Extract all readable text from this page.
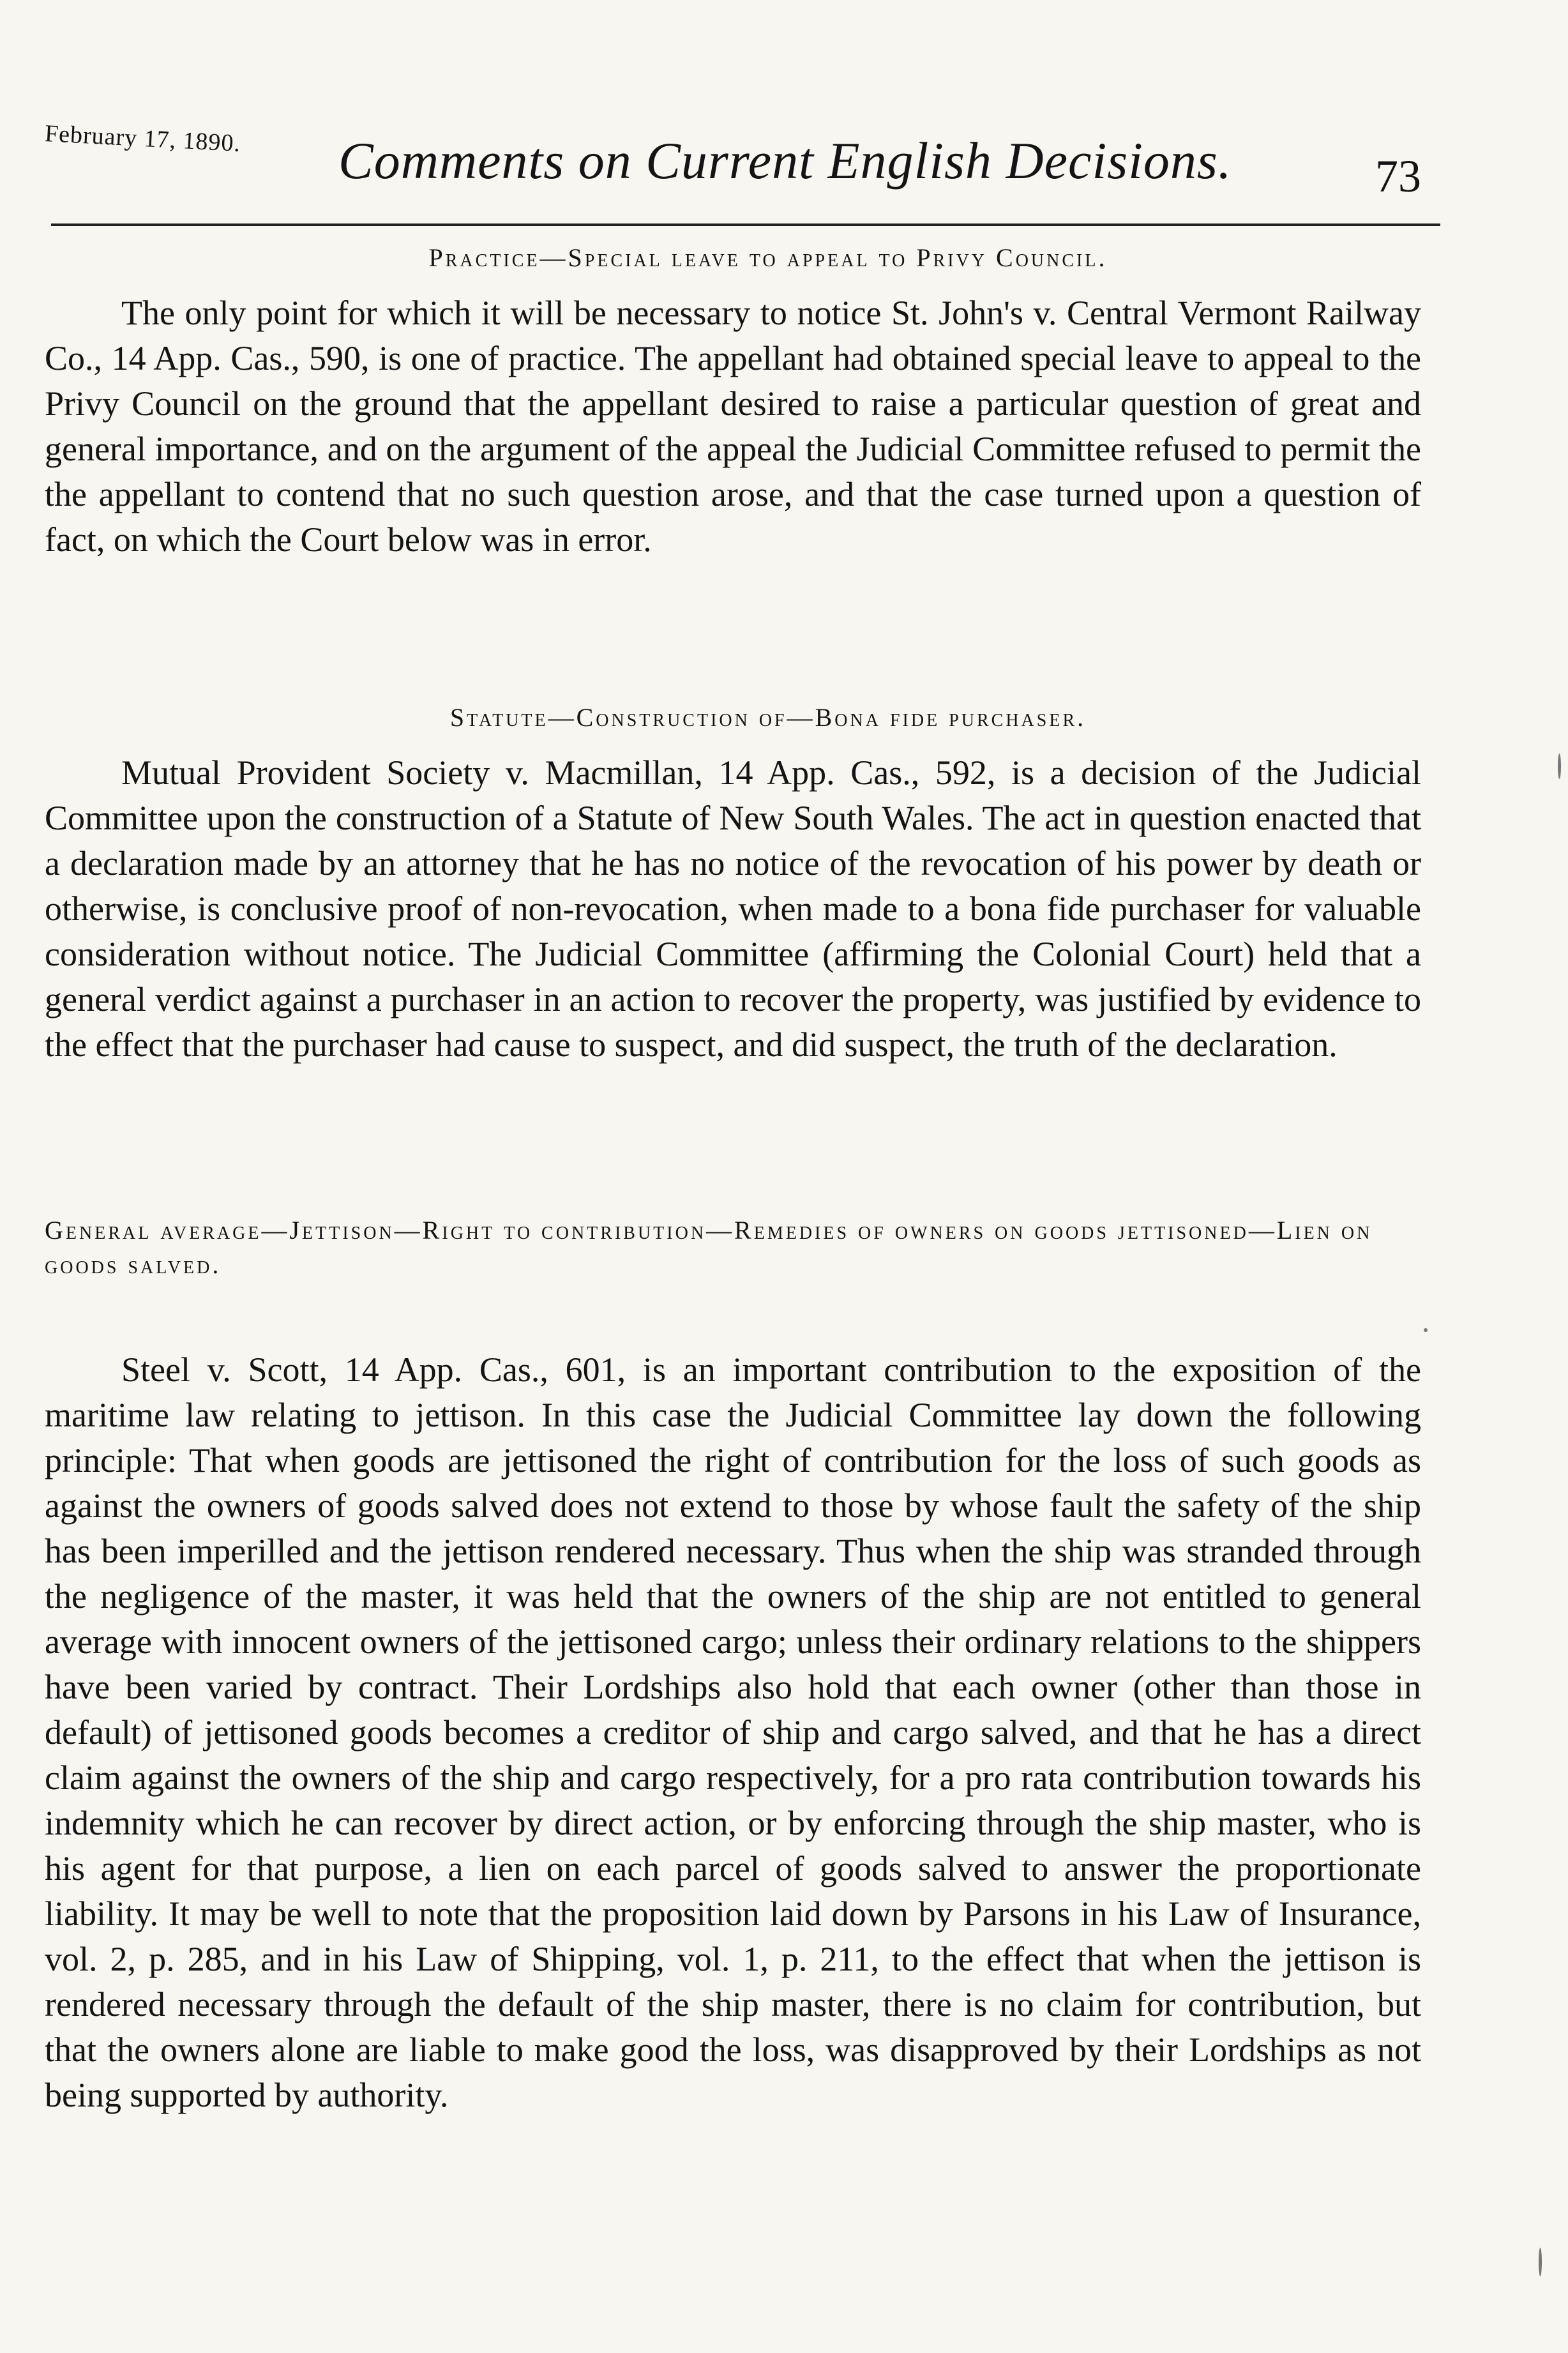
February 17, 1890. Comments on Current English Decisions.	73
Practice—Special leave to appeal to Privy Council.

The only point for which it will be necessary to notice St. John's v. Central Vermont Railway Co., 14 App. Cas., 590, is one of practice. The appellant had obtained special leave to appeal to the Privy Council on the ground that the appellant desired to raise a particular question of great and general importance, and on the argument of the appeal the Judicial Committee refused to permit the the appellant to contend that no such question arose, and that the case turned upon a question of fact, on which the Court below was in error.

Statute—Construction of—Bona fide purchaser.

Mutual Provident Society v. Macmillan, 14 App. Cas., 592, is a decision of the Judicial Committee upon the construction of a Statute of New South Wales. The act in question enacted that a declaration made by an attorney that he has no notice of the revocation of his power by death or otherwise, is conclusive proof of non-revocation, when made to a bona fide purchaser for valuable consideration without notice. The Judicial Committee (affirming the Colonial Court) held that a general verdict against a purchaser in an action to recover the property, was justified by evidence to the effect that the purchaser had cause to suspect, and did suspect, the truth of the declaration.

General average—Jettison—Right to contribution—Remedies of owners on goods jettisoned—Lien on goods salved.

Steel v. Scott, 14 App. Cas., 601, is an important contribution to the exposition of the maritime law relating to jettison. In this case the Judicial Committee lay down the following principle: That when goods are jettisoned the right of contribution for the loss of such goods as against the owners of goods salved does not extend to those by whose fault the safety of the ship has been imperilled and the jettison rendered necessary. Thus when the ship was stranded through the negligence of the master, it was held that the owners of the ship are not entitled to general average with innocent owners of the jettisoned cargo; unless their ordinary relations to the shippers have been varied by contract. Their Lordships also hold that each owner (other than those in default) of jettisoned goods becomes a creditor of ship and cargo salved, and that he has a direct claim against the owners of the ship and cargo respectively, for a pro rata contribution towards his indemnity which he can recover by direct action, or by enforcing through the ship master, who is his agent for that purpose, a lien on each parcel of goods salved to answer the proportionate liability. It may be well to note that the proposition laid down by Parsons in his Law of Insurance, vol. 2, p. 285, and in his Law of Shipping, vol. 1, p. 211, to the effect that when the jettison is rendered necessary through the default of the ship master, there is no claim for contribution, but that the owners alone are liable to make good the loss, was disapproved by their Lordships as not being supported by authority.
